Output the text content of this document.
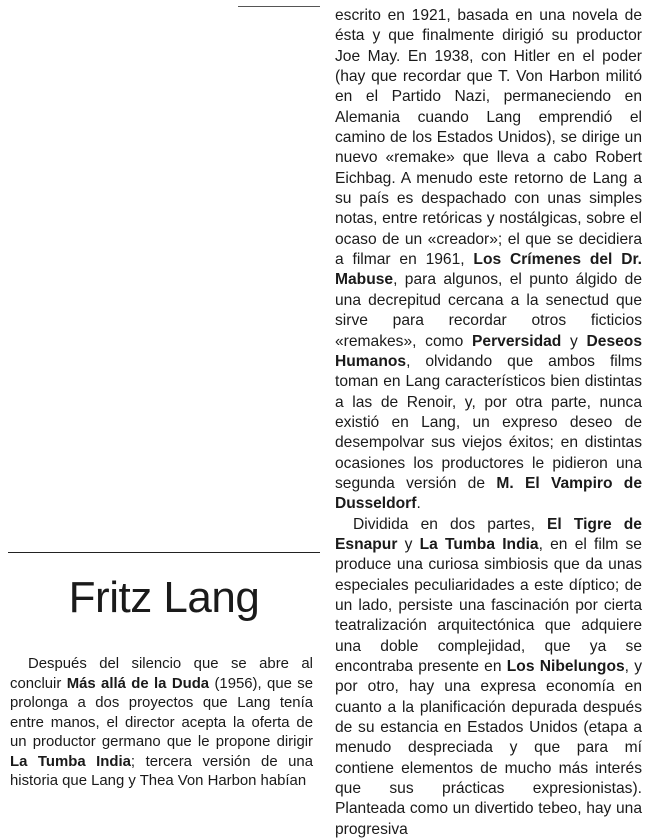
escrito en 1921, basada en una novela de ésta y que finalmente dirigió su productor Joe May. En 1938, con Hitler en el poder (hay que recordar que T. Von Harbon militó en el Partido Nazi, permaneciendo en Alemania cuando Lang emprendió el camino de los Estados Unidos), se dirige un nuevo «remake» que lleva a cabo Robert Eichbag. A menudo este retorno de Lang a su país es despachado con unas simples notas, entre retóricas y nostálgicas, sobre el ocaso de un «creador»; el que se decidiera a filmar en 1961, Los Crímenes del Dr. Mabuse, para algunos, el punto álgido de una decrepitud cercana a la senectud que sirve para recordar otros ficticios «remakes», como Perversidad y Deseos Humanos, olvidando que ambos films toman en Lang característicos bien distintas a las de Renoir, y, por otra parte, nunca existió en Lang, un expreso deseo de desempolvar sus viejos éxitos; en distintas ocasiones los productores le pidieron una segunda versión de M. El Vampiro de Dusseldorf.

Dividida en dos partes, El Tigre de Esnapur y La Tumba India, en el film se produce una curiosa simbiosis que da unas especiales peculiaridades a este díptico; de un lado, persiste una fascinación por cierta teatralización arquitectónica que adquiere una doble complejidad, que ya se encontraba presente en Los Nibelungos, y por otro, hay una expresa economía en cuanto a la planificación depurada después de su estancia en Estados Unidos (etapa a menudo despreciada y que para mí contiene elementos de mucho más interés que sus prácticas expresionistas). Planteada como un divertido tebeo, hay una progresiva

Fritz Lang

Después del silencio que se abre al concluir Más allá de la Duda (1956), que se prolonga a dos proyectos que Lang tenía entre manos, el director acepta la oferta de un productor germano que le propone dirigir La Tumba India; tercera versión de una historia que Lang y Thea Von Harbon habían
